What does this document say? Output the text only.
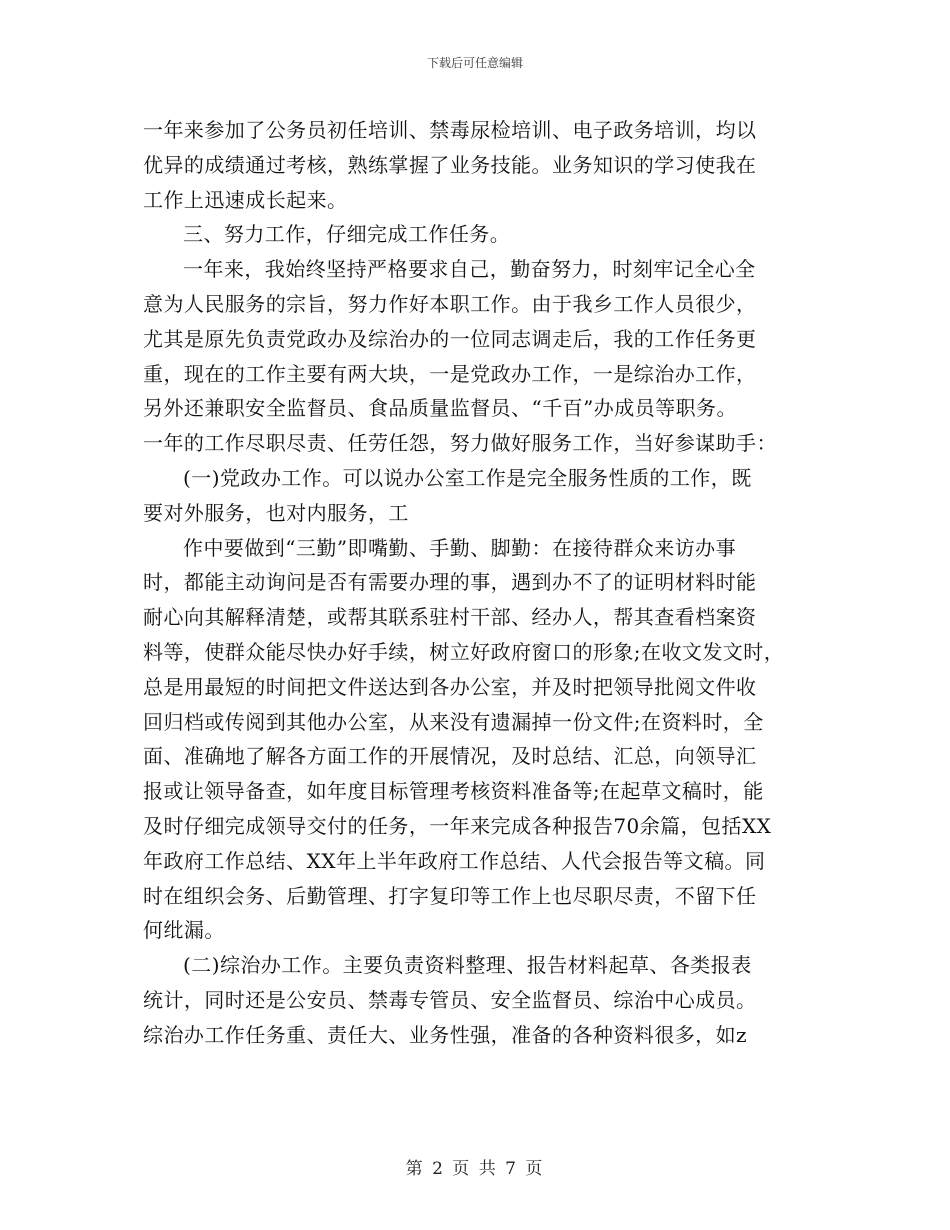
下载后可任意编辑
一年来参加了公务员初任培训、禁毒尿检培训、电子政务培训，均以
优异的成绩通过考核，熟练掌握了业务技能。业务知识的学习使我在
工作上迅速成长起来。
三、努力工作，仔细完成工作任务。
一年来，我始终坚持严格要求自己，勤奋努力，时刻牢记全心全
意为人民服务的宗旨，努力作好本职工作。由于我乡工作人员很少，
尤其是原先负责党政办及综治办的一位同志调走后，我的工作任务更
重，现在的工作主要有两大块，一是党政办工作，一是综治办工作，
另外还兼职安全监督员、食品质量监督员、“千百”办成员等职务。
一年的工作尽职尽责、任劳任怨，努力做好服务工作，当好参谋助手：
(一)党政办工作。可以说办公室工作是完全服务性质的工作，既
要对外服务，也对内服务，工
作中要做到“三勤”即嘴勤、手勤、脚勤：在接待群众来访办事
时，都能主动询问是否有需要办理的事，遇到办不了的证明材料时能
耐心向其解释清楚，或帮其联系驻村干部、经办人，帮其查看档案资
料等，使群众能尽快办好手续，树立好政府窗口的形象;在收文发文时，
总是用最短的时间把文件送达到各办公室，并及时把领导批阅文件收
回归档或传阅到其他办公室，从来没有遗漏掉一份文件;在资料时，全
面、准确地了解各方面工作的开展情况，及时总结、汇总，向领导汇
报或让领导备查，如年度目标管理考核资料准备等;在起草文稿时，能
及时仔细完成领导交付的任务，一年来完成各种报告70余篇，包括XX
年政府工作总结、XX年上半年政府工作总结、人代会报告等文稿。同
时在组织会务、后勤管理、打字复印等工作上也尽职尽责，不留下任
何纰漏。
(二)综治办工作。主要负责资料整理、报告材料起草、各类报表
统计，同时还是公安员、禁毒专管员、安全监督员、综治中心成员。
综治办工作任务重、责任大、业务性强，准备的各种资料很多，如z
第 2 页 共 7 页
